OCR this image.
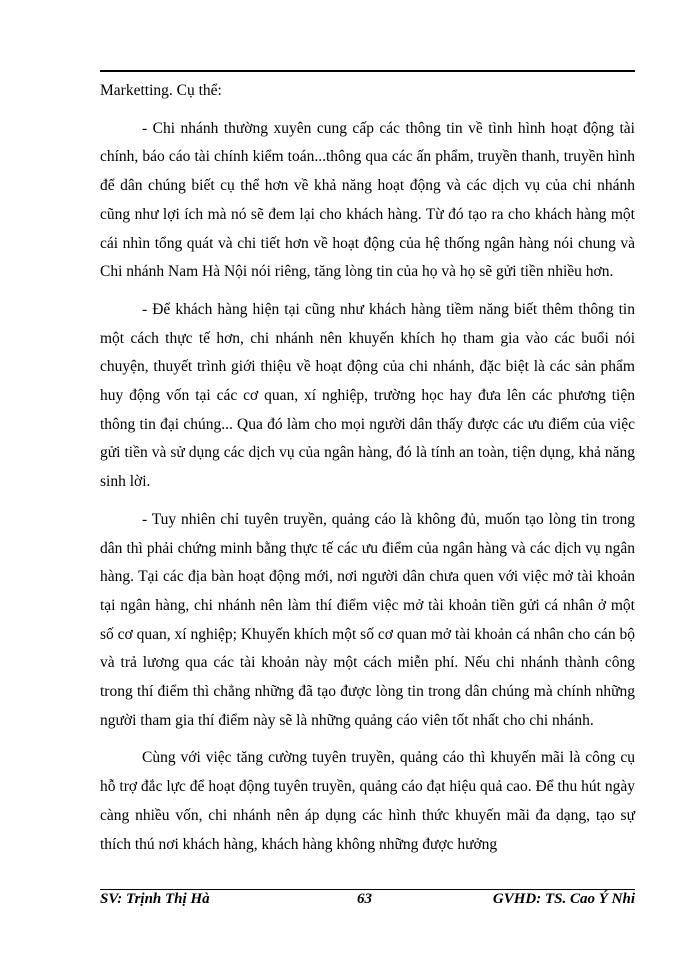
Marketting. Cụ thể:

- Chi nhánh thường xuyên cung cấp các thông tin về tình hình hoạt động tài chính, báo cáo tài chính kiểm toán...thông qua các ấn phẩm, truyền thanh, truyền hình để dân chúng biết cụ thể hơn về khả năng hoạt động và các dịch vụ của chi nhánh cũng như lợi ích mà nó sẽ đem lại cho khách hàng. Từ đó tạo ra cho khách hàng một cái nhìn tổng quát và chi tiết hơn về hoạt động của hệ thống ngân hàng nói chung và Chi nhánh Nam Hà Nội nói riêng, tăng lòng tin của họ và họ sẽ gửi tiền nhiều hơn.

- Để khách hàng hiện tại cũng như khách hàng tiềm năng biết thêm thông tin một cách thực tế hơn, chi nhánh nên khuyến khích họ tham gia vào các buổi nói chuyện, thuyết trình giới thiệu về hoạt động của chi nhánh, đặc biệt là các sản phẩm huy động vốn tại các cơ quan, xí nghiệp, trường học hay đưa lên các phương tiện thông tin đại chúng... Qua đó làm cho mọi người dân thấy được các ưu điểm của việc gửi tiền và sử dụng các dịch vụ của ngân hàng, đó là tính an toàn, tiện dụng, khả năng sinh lời.

- Tuy nhiên chỉ tuyên truyền, quảng cáo là không đủ, muốn tạo lòng tin trong dân thì phải chứng minh bằng thực tế các ưu điểm của ngân hàng và các dịch vụ ngân hàng. Tại các địa bàn hoạt động mới, nơi người dân chưa quen với việc mở tài khoản tại ngân hàng, chi nhánh nên làm thí điểm việc mở tài khoản tiền gửi cá nhân ở một số cơ quan, xí nghiệp; Khuyến khích một số cơ quan mở tài khoản cá nhân cho cán bộ và trả lương qua các tài khoản này một cách miễn phí. Nếu chi nhánh thành công trong thí điểm thì chẳng những đã tạo được lòng tin trong dân chúng mà chính những người tham gia thí điểm này sẽ là những quảng cáo viên tốt nhất cho chi nhánh.

Cùng với việc tăng cường tuyên truyền, quảng cáo thì khuyến mãi là công cụ hỗ trợ đắc lực để hoạt động tuyên truyền, quảng cáo đạt hiệu quả cao. Để thu hút ngày càng nhiều vốn, chi nhánh nên áp dụng các hình thức khuyến mãi đa dạng, tạo sự thích thú nơi khách hàng, khách hàng không những được hưởng

SV: Trịnh Thị Hà	63	GVHD: TS. Cao Ý Nhi
